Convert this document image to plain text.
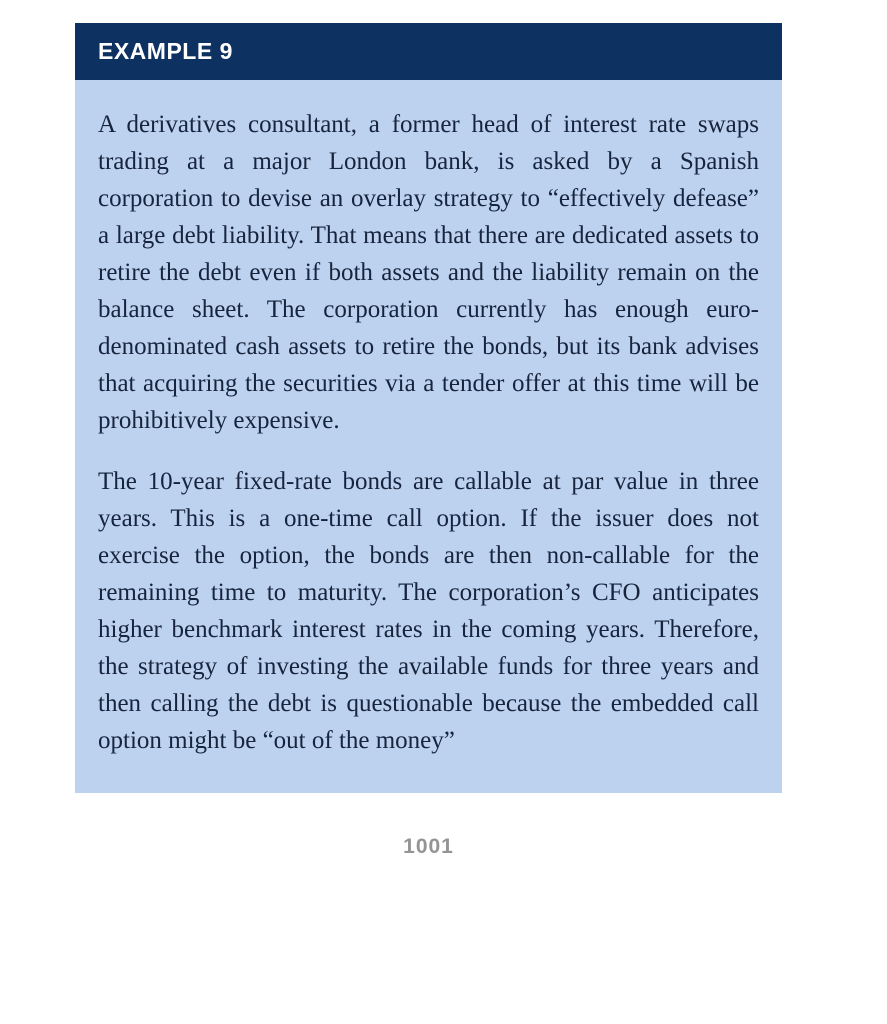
EXAMPLE 9

A derivatives consultant, a former head of interest rate swaps trading at a major London bank, is asked by a Spanish corporation to devise an overlay strategy to “effectively defease” a large debt liability. That means that there are dedicated assets to retire the debt even if both assets and the liability remain on the balance sheet. The corporation currently has enough euro-denominated cash assets to retire the bonds, but its bank advises that acquiring the securities via a tender offer at this time will be prohibitively expensive.

The 10-year fixed-rate bonds are callable at par value in three years. This is a one-time call option. If the issuer does not exercise the option, the bonds are then non-callable for the remaining time to maturity. The corporation’s CFO anticipates higher benchmark interest rates in the coming years. Therefore, the strategy of investing the available funds for three years and then calling the debt is questionable because the embedded call option might be “out of the money”

1001
